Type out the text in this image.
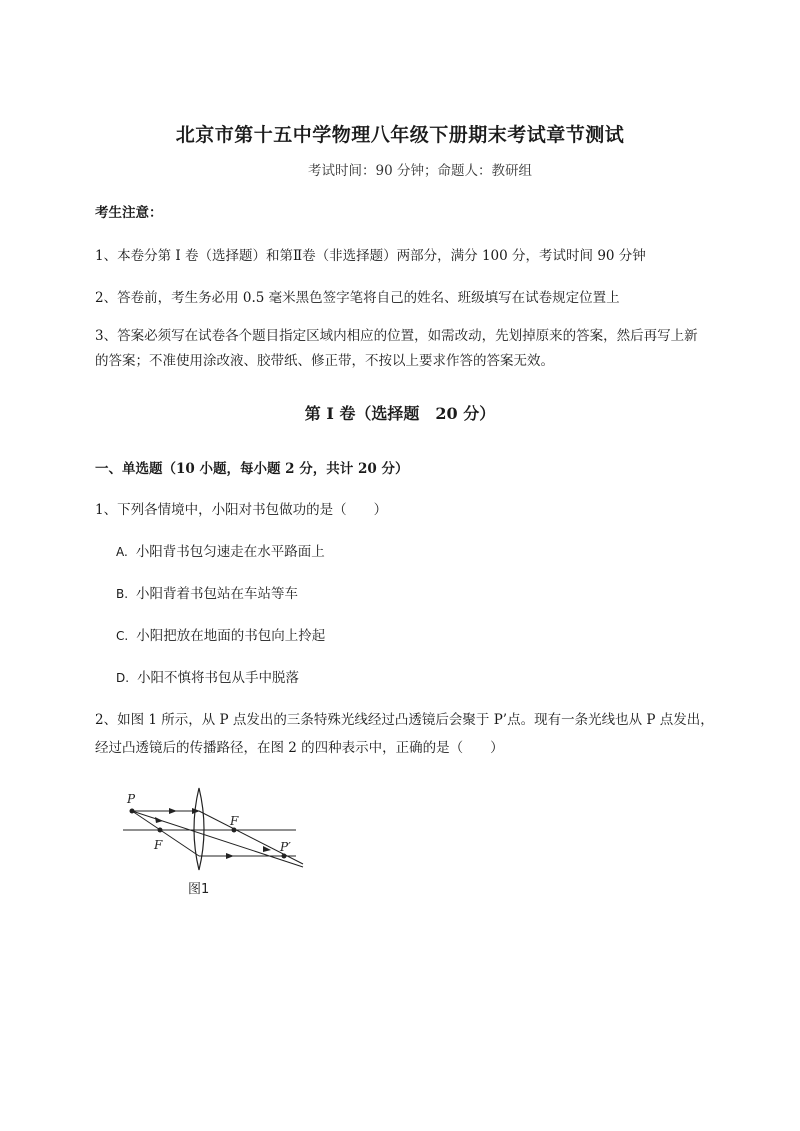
北京市第十五中学物理八年级下册期末考试章节测试
考试时间：90 分钟；命题人：教研组
考生注意：
1、本卷分第 I 卷（选择题）和第Ⅱ卷（非选择题）两部分，满分 100 分，考试时间 90 分钟
2、答卷前，考生务必用 0.5 毫米黑色签字笔将自己的姓名、班级填写在试卷规定位置上
3、答案必须写在试卷各个题目指定区域内相应的位置，如需改动，先划掉原来的答案，然后再写上新的答案；不准使用涂改液、胶带纸、修正带，不按以上要求作答的答案无效。
第 I 卷（选择题　20 分）
一、单选题（10 小题，每小题 2 分，共计 20 分）
1、下列各情境中，小阳对书包做功的是（　　）
A. 小阳背书包匀速走在水平路面上
B. 小阳背着书包站在车站等车
C. 小阳把放在地面的书包向上拎起
D. 小阳不慎将书包从手中脱落
2、如图 1 所示，从 P 点发出的三条特殊光线经过凸透镜后会聚于 P’点。现有一条光线也从 P 点发出，
经过凸透镜后的传播路径，在图 2 的四种表示中，正确的是（　　）
P
F
F
P′
图1
